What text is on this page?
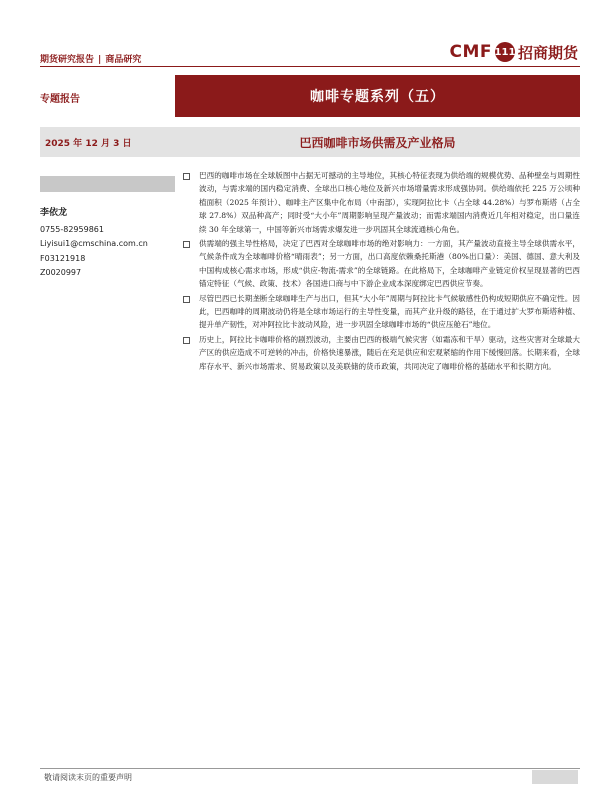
期货研究报告 | 商品研究	CMF 111 招商期货
专题报告	咖啡专题系列（五）
2025 年 12 月 3 日	巴西咖啡市场供需及产业格局
李依龙
0755-82959861
Liyisui1@cmschina.com.cn
F03121918
Z0020997

巴西的咖啡市场在全球版图中占据无可撼动的主导地位，其核心特征表现为供给端的规模优势、品种壁垒与周期性波动，与需求端的国内稳定消费、全球出口核心地位及新兴市场增量需求形成强协同。供给端依托 225 万公顷种植面积（2025 年预计）、咖啡主产区集中化布局（中南部），实现阿拉比卡（占全球 44.28%）与罗布斯塔（占全球 27.8%）双品种高产；同时受“大小年”周期影响呈现产量波动；而需求端国内消费近几年相对稳定，出口量连续 30 年全球第一，中国等新兴市场需求爆发进一步巩固其全球流通核心角色。

供需端的强主导性格局，决定了巴西对全球咖啡市场的绝对影响力：一方面，其产量波动直接主导全球供需水平，气候条件成为全球咖啡价格“晴雨表”；另一方面，出口高度依赖桑托斯港（80%出口量）：美国、德国、意大利及中国构成核心需求市场，形成“供应-物流-需求”的全球链路。在此格局下，全球咖啡产业链定价权呈现显著的巴西锚定特征（气候、政策、技术）各国进口商与中下游企业成本深度绑定巴西供应节奏。

尽管巴西已长期垄断全球咖啡生产与出口，但其“大小年”周期与阿拉比卡气候敏感性仍构成短期供应不确定性。因此，巴西咖啡的周期波动仍将是全球市场运行的主导性变量，而其产业升级的路径，在于通过扩大罗布斯塔种植、提升单产韧性，对冲阿拉比卡波动风险，进一步巩固全球咖啡市场的“供应压舱石”地位。

历史上，阿拉比卡咖啡价格的剧烈波动，主要由巴西的极端气候灾害（如霜冻和干旱）驱动，这些灾害对全球最大产区的供应造成不可逆转的冲击，价格快速暴涨，随后在充足供应和宏观紧缩的作用下缓慢回落。长期来看，全球库存水平、新兴市场需求、贸易政策以及美联储的货币政策，共同决定了咖啡价格的基础水平和长期方向。

敬请阅读末页的重要声明
